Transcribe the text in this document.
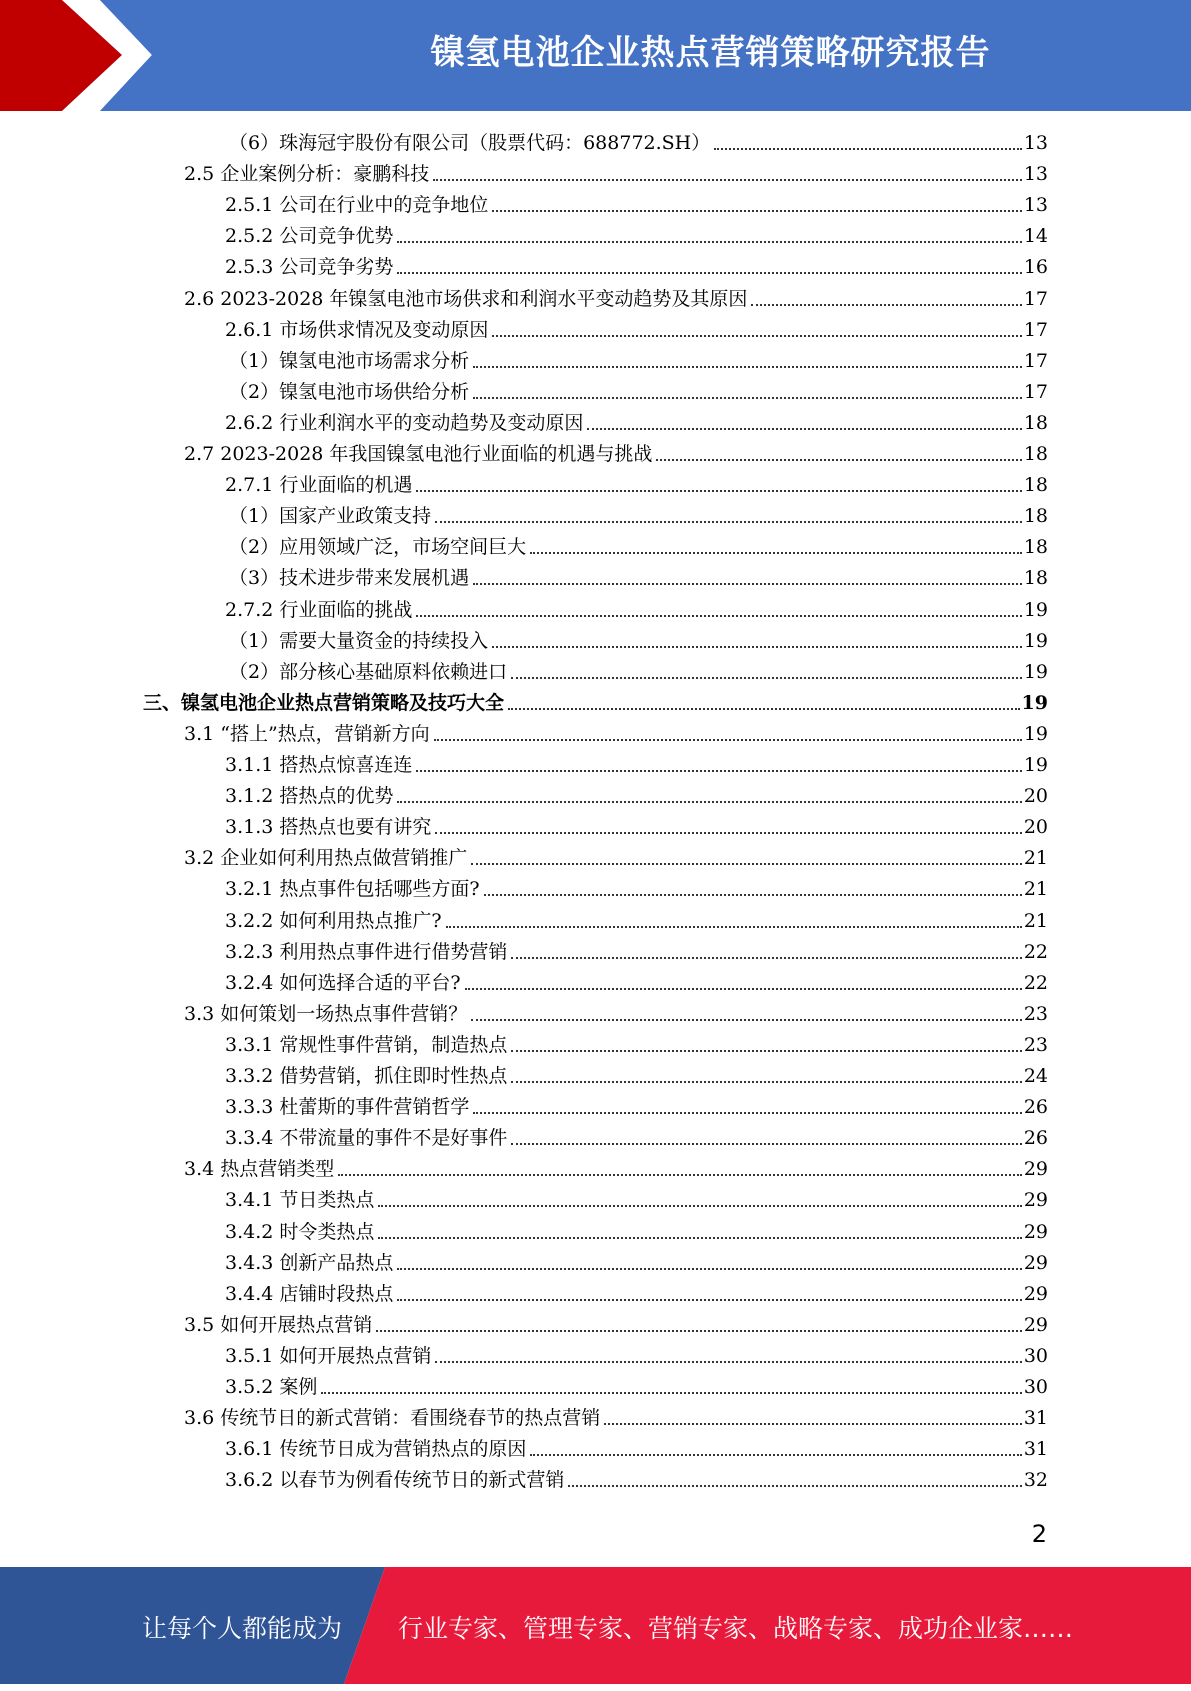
镍氢电池企业热点营销策略研究报告
（6）珠海冠宇股份有限公司（股票代码：688772.SH）	13
2.5 企业案例分析：豪鹏科技	13
2.5.1 公司在行业中的竞争地位	13
2.5.2 公司竞争优势	14
2.5.3 公司竞争劣势	16
2.6 2023-2028 年镍氢电池市场供求和利润水平变动趋势及其原因	17
2.6.1 市场供求情况及变动原因	17
（1）镍氢电池市场需求分析	17
（2）镍氢电池市场供给分析	17
2.6.2 行业利润水平的变动趋势及变动原因	18
2.7 2023-2028 年我国镍氢电池行业面临的机遇与挑战	18
2.7.1 行业面临的机遇	18
（1）国家产业政策支持	18
（2）应用领域广泛，市场空间巨大	18
（3）技术进步带来发展机遇	18
2.7.2 行业面临的挑战	19
（1）需要大量资金的持续投入	19
（2）部分核心基础原料依赖进口	19
三、镍氢电池企业热点营销策略及技巧大全	19
3.1 “搭上”热点，营销新方向	19
3.1.1 搭热点惊喜连连	19
3.1.2 搭热点的优势	20
3.1.3 搭热点也要有讲究	20
3.2 企业如何利用热点做营销推广	21
3.2.1 热点事件包括哪些方面?	21
3.2.2 如何利用热点推广?	21
3.2.3 利用热点事件进行借势营销	22
3.2.4 如何选择合适的平台?	22
3.3 如何策划一场热点事件营销？	23
3.3.1 常规性事件营销，制造热点	23
3.3.2 借势营销，抓住即时性热点	24
3.3.3 杜蕾斯的事件营销哲学	26
3.3.4 不带流量的事件不是好事件	26
3.4 热点营销类型	29
3.4.1 节日类热点	29
3.4.2 时令类热点	29
3.4.3 创新产品热点	29
3.4.4 店铺时段热点	29
3.5 如何开展热点营销	29
3.5.1 如何开展热点营销	30
3.5.2 案例	30
3.6 传统节日的新式营销：看围绕春节的热点营销	31
3.6.1 传统节日成为营销热点的原因	31
3.6.2 以春节为例看传统节日的新式营销	32
2
让每个人都能成为 行业专家、管理专家、营销专家、战略专家、成功企业家……
